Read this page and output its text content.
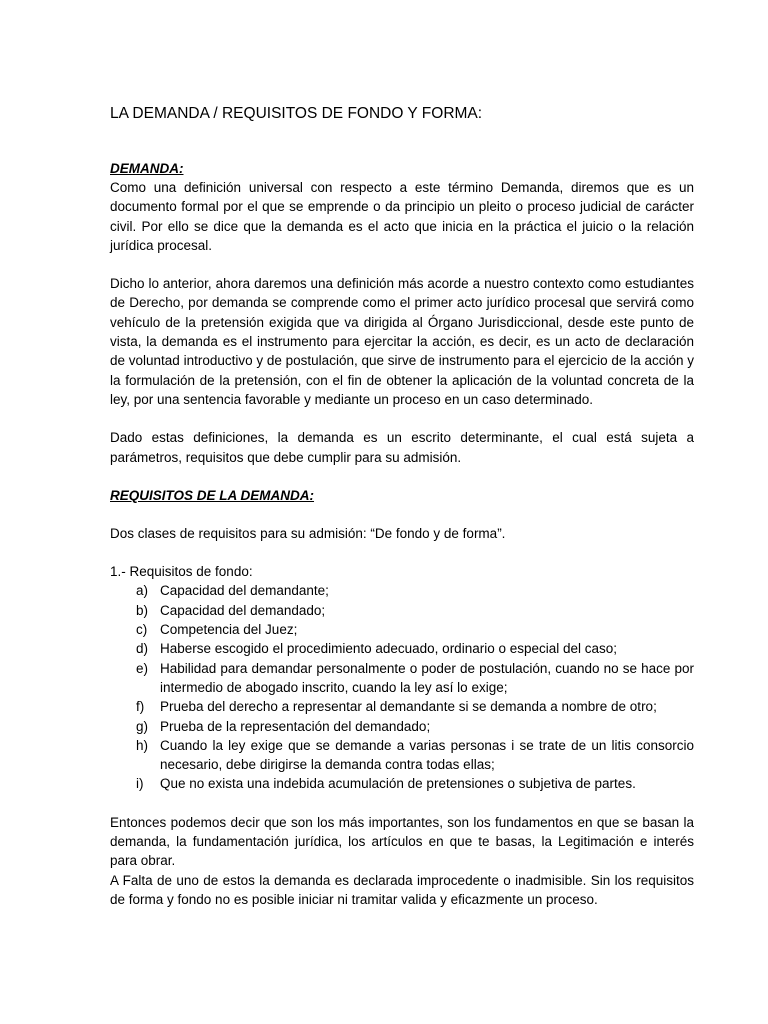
LA DEMANDA / REQUISITOS DE FONDO Y FORMA:
DEMANDA:

Como una definición universal con respecto a este término Demanda, diremos que es un documento formal por el que se emprende o da principio un pleito o proceso judicial de carácter civil. Por ello se dice que la demanda es el acto que inicia en la práctica el juicio o la relación jurídica procesal.

Dicho lo anterior, ahora daremos una definición más acorde a nuestro contexto como estudiantes de Derecho, por demanda se comprende como el primer acto jurídico procesal que servirá como vehículo de la pretensión exigida que va dirigida al Órgano Jurisdiccional, desde este punto de vista, la demanda es el instrumento para ejercitar la acción, es decir, es un acto de declaración de voluntad introductivo y de postulación, que sirve de instrumento para el ejercicio de la acción y la formulación de la pretensión, con el fin de obtener la aplicación de la voluntad concreta de la ley, por una sentencia favorable y mediante un proceso en un caso determinado.

Dado estas definiciones, la demanda es un escrito determinante, el cual está sujeta a parámetros, requisitos que debe cumplir para su admisión.

REQUISITOS DE LA DEMANDA:

Dos clases de requisitos para su admisión: “De fondo y de forma”.

1.- Requisitos de fondo:

a) Capacidad del demandante;
b) Capacidad del demandado;
c) Competencia del Juez;
d) Haberse escogido el procedimiento adecuado, ordinario o especial del caso;
e) Habilidad para demandar personalmente o poder de postulación, cuando no se hace por intermedio de abogado inscrito, cuando la ley así lo exige;
f)	Prueba del derecho a representar al demandante si se demanda a nombre de otro;
g) Prueba de la representación del demandado;
h) Cuando la ley exige que se demande a varias personas i se trate de un litis consorcio necesario, debe dirigirse la demanda contra todas ellas;
i)	Que no exista una indebida acumulación de pretensiones o subjetiva de partes.

Entonces podemos decir que son los más importantes, son los fundamentos en que se basan la demanda, la fundamentación jurídica, los artículos en que te basas, la Legitimación e interés para obrar.

A Falta de uno de estos la demanda es declarada improcedente o inadmisible. Sin los requisitos de forma y fondo no es posible iniciar ni tramitar valida y eficazmente un proceso.
